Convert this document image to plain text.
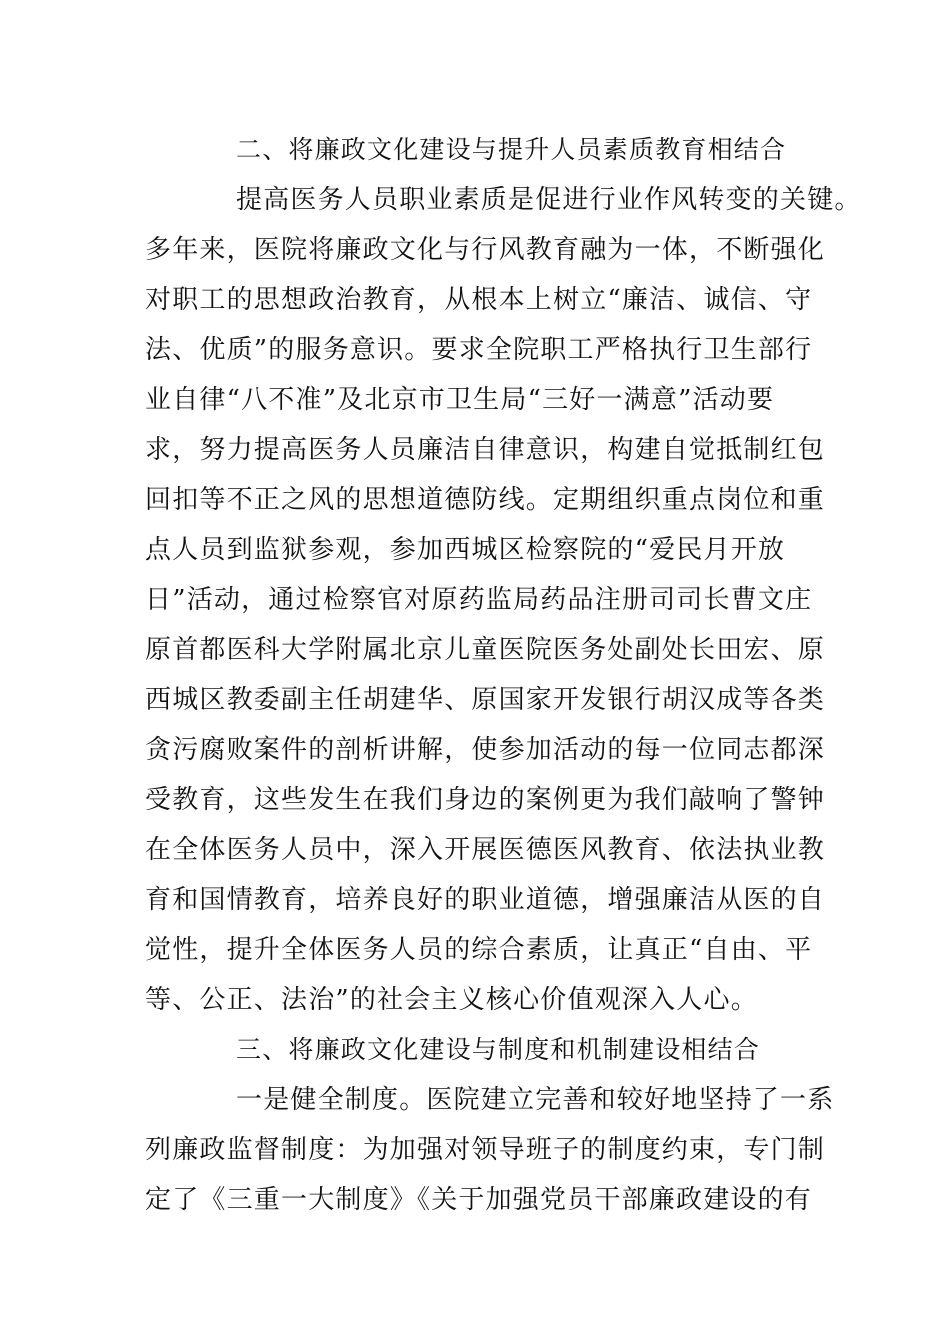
二、将廉政文化建设与提升人员素质教育相结合
提高医务人员职业素质是促进行业作风转变的关键。
多年来，医院将廉政文化与行风教育融为一体，不断强化
对职工的思想政治教育，从根本上树立“廉洁、诚信、守
法、优质”的服务意识。要求全院职工严格执行卫生部行
业自律“八不准”及北京市卫生局“三好一满意”活动要
求，努力提高医务人员廉洁自律意识，构建自觉抵制红包
回扣等不正之风的思想道德防线。定期组织重点岗位和重
点人员到监狱参观，参加西城区检察院的“爱民月开放
日”活动，通过检察官对原药监局药品注册司司长曹文庄
原首都医科大学附属北京儿童医院医务处副处长田宏、原
西城区教委副主任胡建华、原国家开发银行胡汉成等各类
贪污腐败案件的剖析讲解，使参加活动的每一位同志都深
受教育，这些发生在我们身边的案例更为我们敲响了警钟
在全体医务人员中，深入开展医德医风教育、依法执业教
育和国情教育，培养良好的职业道德，增强廉洁从医的自
觉性，提升全体医务人员的综合素质，让真正“自由、平
等、公正、法治”的社会主义核心价值观深入人心。
三、将廉政文化建设与制度和机制建设相结合
一是健全制度。医院建立完善和较好地坚持了一系
列廉政监督制度：为加强对领导班子的制度约束，专门制
定了《三重一大制度》《关于加强党员干部廉政建设的有
